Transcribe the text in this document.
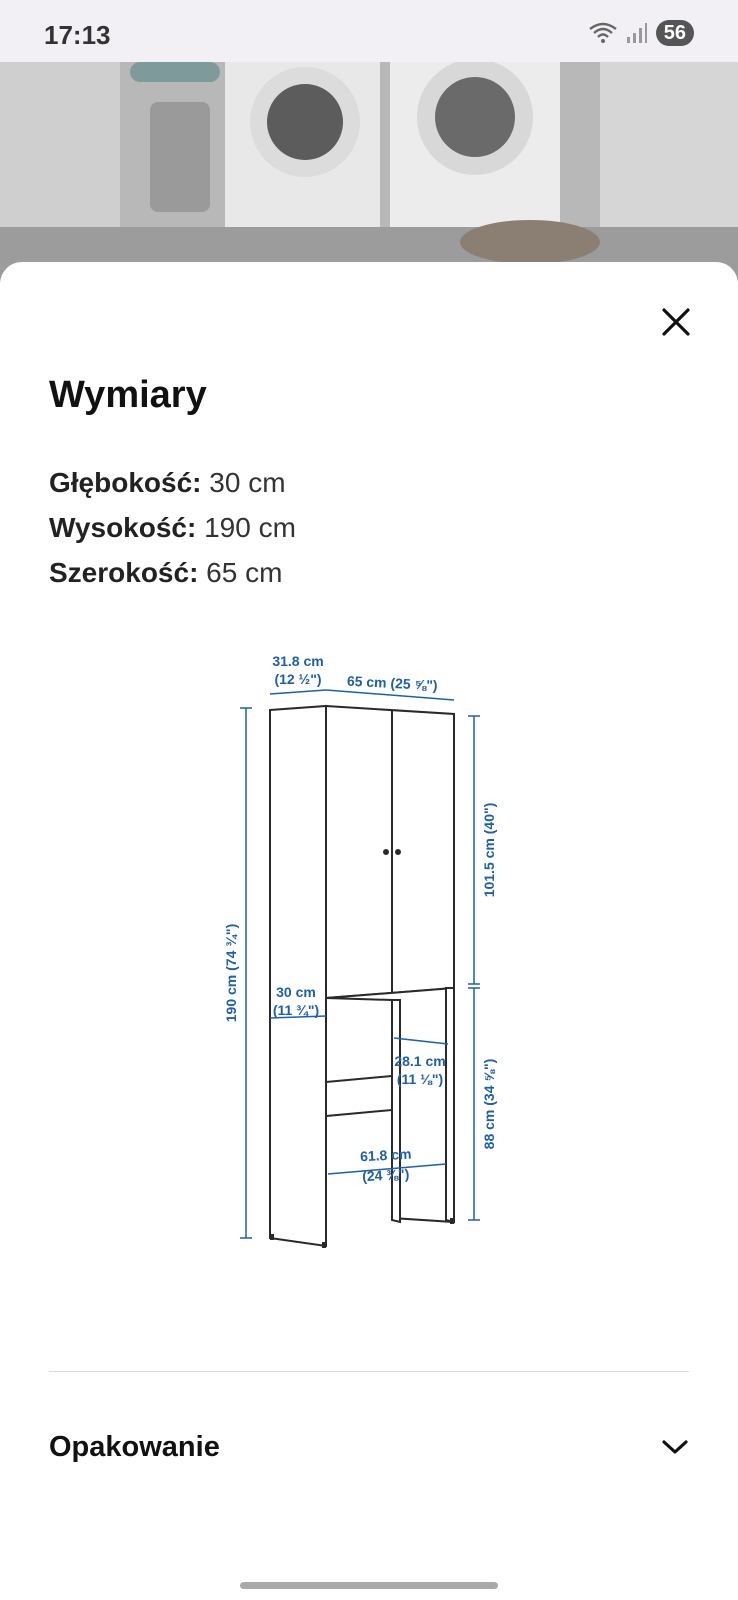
17:13	56
Wymiary
Głębokość: 30 cm
Wysokość: 190 cm
Szerokość: 65 cm
31.8 cm
(12 ½") 65 cm (25 ⅝")
190 cm (74 ¾")
101.5 cm (40")
88 cm (34 ⅝")
30 cm
(11 ¾")
28.1 cm
(11 ⅛")
61.8 cm
(24 ⅜")
Opakowanie
